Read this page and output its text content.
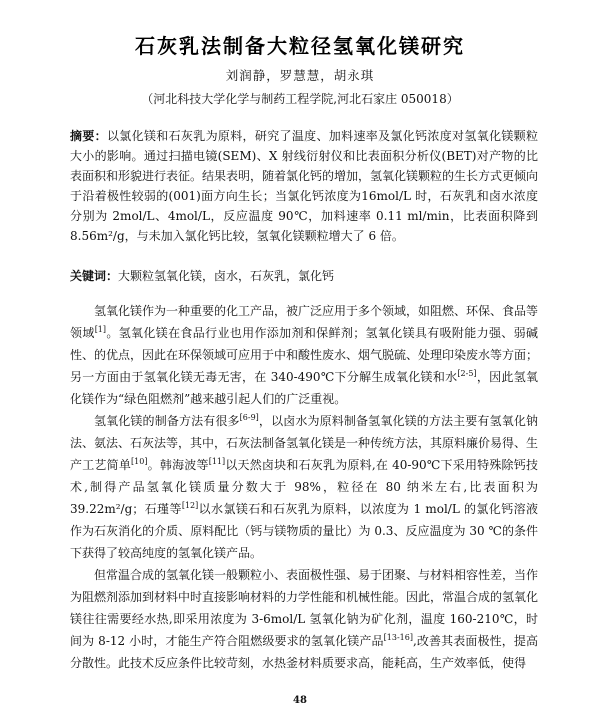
石灰乳法制备大粒径氢氧化镁研究
刘润静，罗慧慧，胡永琪
（河北科技大学化学与制药工程学院,河北石家庄 050018）

摘要：以氯化镁和石灰乳为原料，研究了温度、加料速率及氯化钙浓度对氢氧化镁颗粒大小的影响。通过扫描电镜(SEM)、X 射线衍射仪和比表面积分析仪(BET)对产物的比表面积和形貌进行表征。结果表明，随着氯化钙的增加，氢氧化镁颗粒的生长方式更倾向于沿着极性较弱的(001)面方向生长；当氯化钙浓度为16mol/L 时，石灰乳和卤水浓度分别为 2mol/L、4mol/L，反应温度 90℃，加料速率 0.11 ml/min，比表面积降到 8.56m²/g，与未加入氯化钙比较，氢氧化镁颗粒增大了 6 倍。

关键词：大颗粒氢氧化镁，卤水，石灰乳，氯化钙

氢氧化镁作为一种重要的化工产品，被广泛应用于多个领域，如阻燃、环保、食品等领域[1]。氢氧化镁在食品行业也用作添加剂和保鲜剂；氢氧化镁具有吸附能力强、弱碱性、的优点，因此在环保领域可应用于中和酸性废水、烟气脱硫、处理印染废水等方面；另一方面由于氢氧化镁无毒无害，在 340-490℃下分解生成氧化镁和水[2-5]，因此氢氧化镁作为“绿色阻燃剂”越来越引起人们的广泛重视。

氢氧化镁的制备方法有很多[6-9]，以卤水为原料制备氢氧化镁的方法主要有氢氧化钠法、氨法、石灰法等，其中，石灰法制备氢氧化镁是一种传统方法，其原料廉价易得、生产工艺简单[10]。韩海波等[11]以天然卤块和石灰乳为原料,在 40-90℃下采用特殊除钙技术,制得产品氢氧化镁质量分数大于 98%，粒径在 80 纳米左右,比表面积为 39.22m²/g；石瑾等[12]以水氯镁石和石灰乳为原料，以浓度为 1 mol/L 的氯化钙溶液作为石灰消化的介质、原料配比（钙与镁物质的量比）为 0.3、反应温度为 30 ℃的条件下获得了较高纯度的氢氧化镁产品。

但常温合成的氢氧化镁一般颗粒小、表面极性强、易于团聚、与材料相容性差，当作为阻燃剂添加到材料中时直接影响材料的力学性能和机械性能。因此，常温合成的氢氧化镁往往需要经水热,即采用浓度为 3-6mol/L 氢氧化钠为矿化剂，温度 160-210℃，时间为 8-12 小时，才能生产符合阻燃级要求的氢氧化镁产品[13-16],改善其表面极性，提高分散性。此技术反应条件比较苛刻，水热釜材料质要求高，能耗高，生产效率低，使得

48
